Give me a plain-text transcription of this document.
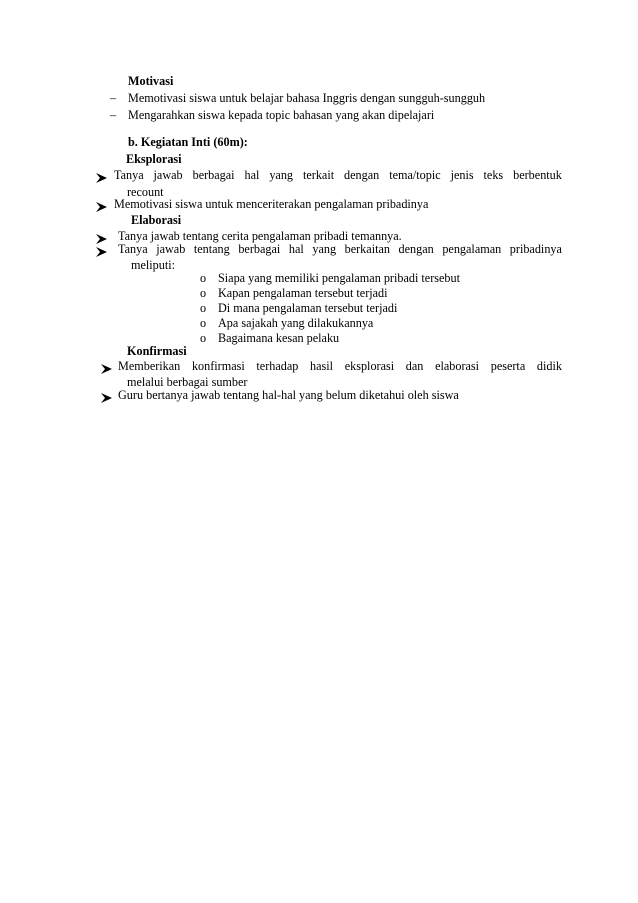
Motivasi
– Memotivasi siswa untuk belajar bahasa Inggris dengan sungguh-sungguh
– Mengarahkan siswa kepada topic bahasan yang akan dipelajari
b. Kegiatan Inti (60m):
Eksplorasi
Tanya jawab berbagai hal yang terkait dengan tema/topic jenis teks berbentuk
recount
Memotivasi siswa untuk menceriterakan pengalaman pribadinya
Elaborasi
Tanya jawab tentang cerita pengalaman pribadi temannya.
Tanya jawab tentang berbagai hal yang berkaitan dengan pengalaman pribadinya
meliputi:
o Siapa yang memiliki pengalaman pribadi tersebut
o Kapan pengalaman tersebut terjadi
o Di mana pengalaman tersebut terjadi
o Apa sajakah yang dilakukannya
o Bagaimana kesan pelaku
Konfirmasi
Memberikan konfirmasi terhadap hasil eksplorasi dan elaborasi peserta didik
melalui berbagai sumber
Guru bertanya jawab tentang hal-hal yang belum diketahui oleh siswa
